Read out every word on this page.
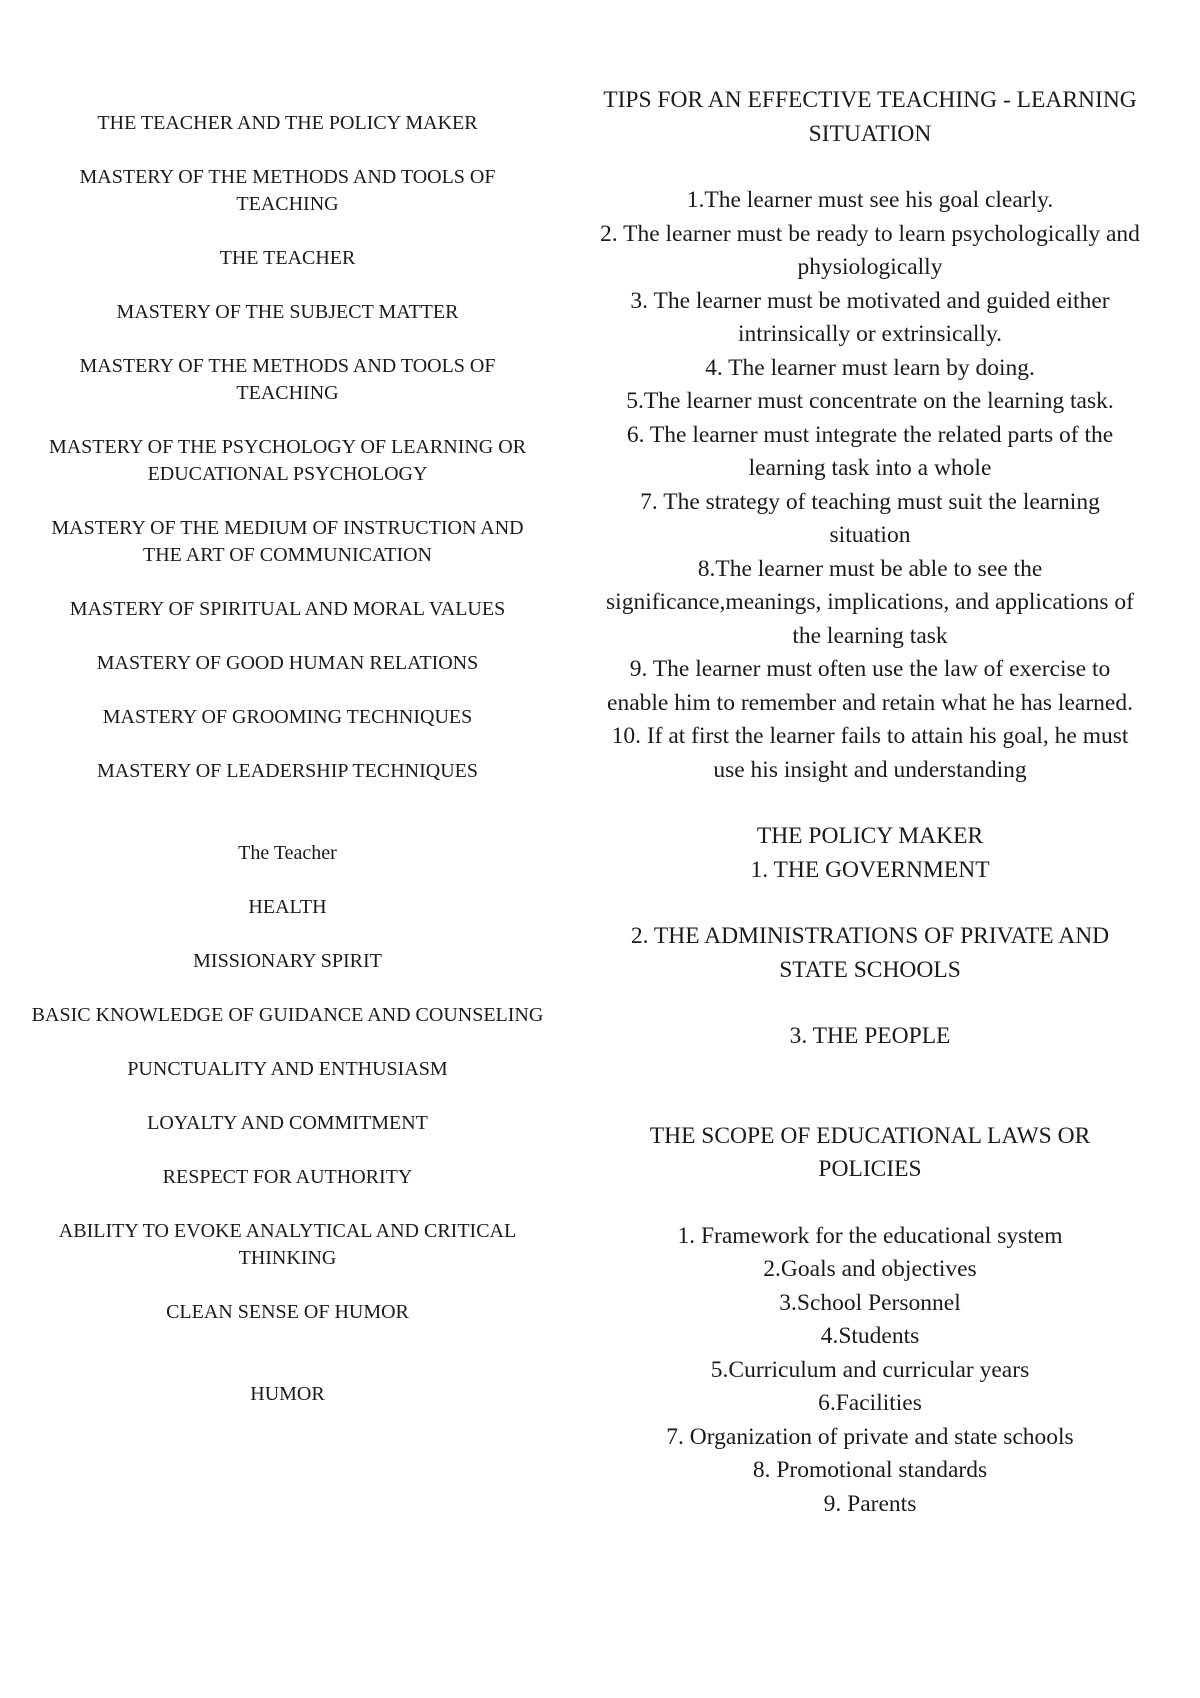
THE TEACHER AND THE POLICY MAKER

MASTERY OF THE METHODS AND TOOLS OF TEACHING

THE TEACHER

MASTERY OF THE SUBJECT MATTER

MASTERY OF THE METHODS AND TOOLS OF TEACHING

MASTERY OF THE PSYCHOLOGY OF LEARNING OR EDUCATIONAL PSYCHOLOGY

MASTERY OF THE MEDIUM OF INSTRUCTION AND THE ART OF COMMUNICATION

MASTERY OF SPIRITUAL AND MORAL VALUES

MASTERY OF GOOD HUMAN RELATIONS

MASTERY OF GROOMING TECHNIQUES

MASTERY OF LEADERSHIP TECHNIQUES

The Teacher

HEALTH

MISSIONARY SPIRIT

BASIC KNOWLEDGE OF GUIDANCE AND COUNSELING

PUNCTUALITY AND ENTHUSIASM

LOYALTY AND COMMITMENT

RESPECT FOR AUTHORITY

ABILITY TO EVOKE ANALYTICAL AND CRITICAL THINKING

CLEAN SENSE OF HUMOR

HUMOR

TIPS FOR AN EFFECTIVE TEACHING - LEARNING SITUATION

1.The learner must see his goal clearly.

2. The learner must be ready to learn psychologically and physiologically

3. The learner must be motivated and guided either intrinsically or extrinsically.

4. The learner must learn by doing.

5.The learner must concentrate on the learning task.

6. The learner must integrate the related parts of the learning task into a whole

7. The strategy of teaching must suit the learning situation

8.The learner must be able to see the significance,meanings, implications, and applications of the learning task

9. The learner must often use the law of exercise to enable him to remember and retain what he has learned.

10. If at first the learner fails to attain his goal, he must use his insight and understanding

THE POLICY MAKER

1. THE GOVERNMENT

2. THE ADMINISTRATIONS OF PRIVATE AND STATE SCHOOLS

3. THE PEOPLE

THE SCOPE OF EDUCATIONAL LAWS OR POLICIES

1. Framework for the educational system

2.Goals and objectives

3.School Personnel

4.Students

5.Curriculum and curricular years

6.Facilities

7. Organization of private and state schools

8. Promotional standards

9. Parents
